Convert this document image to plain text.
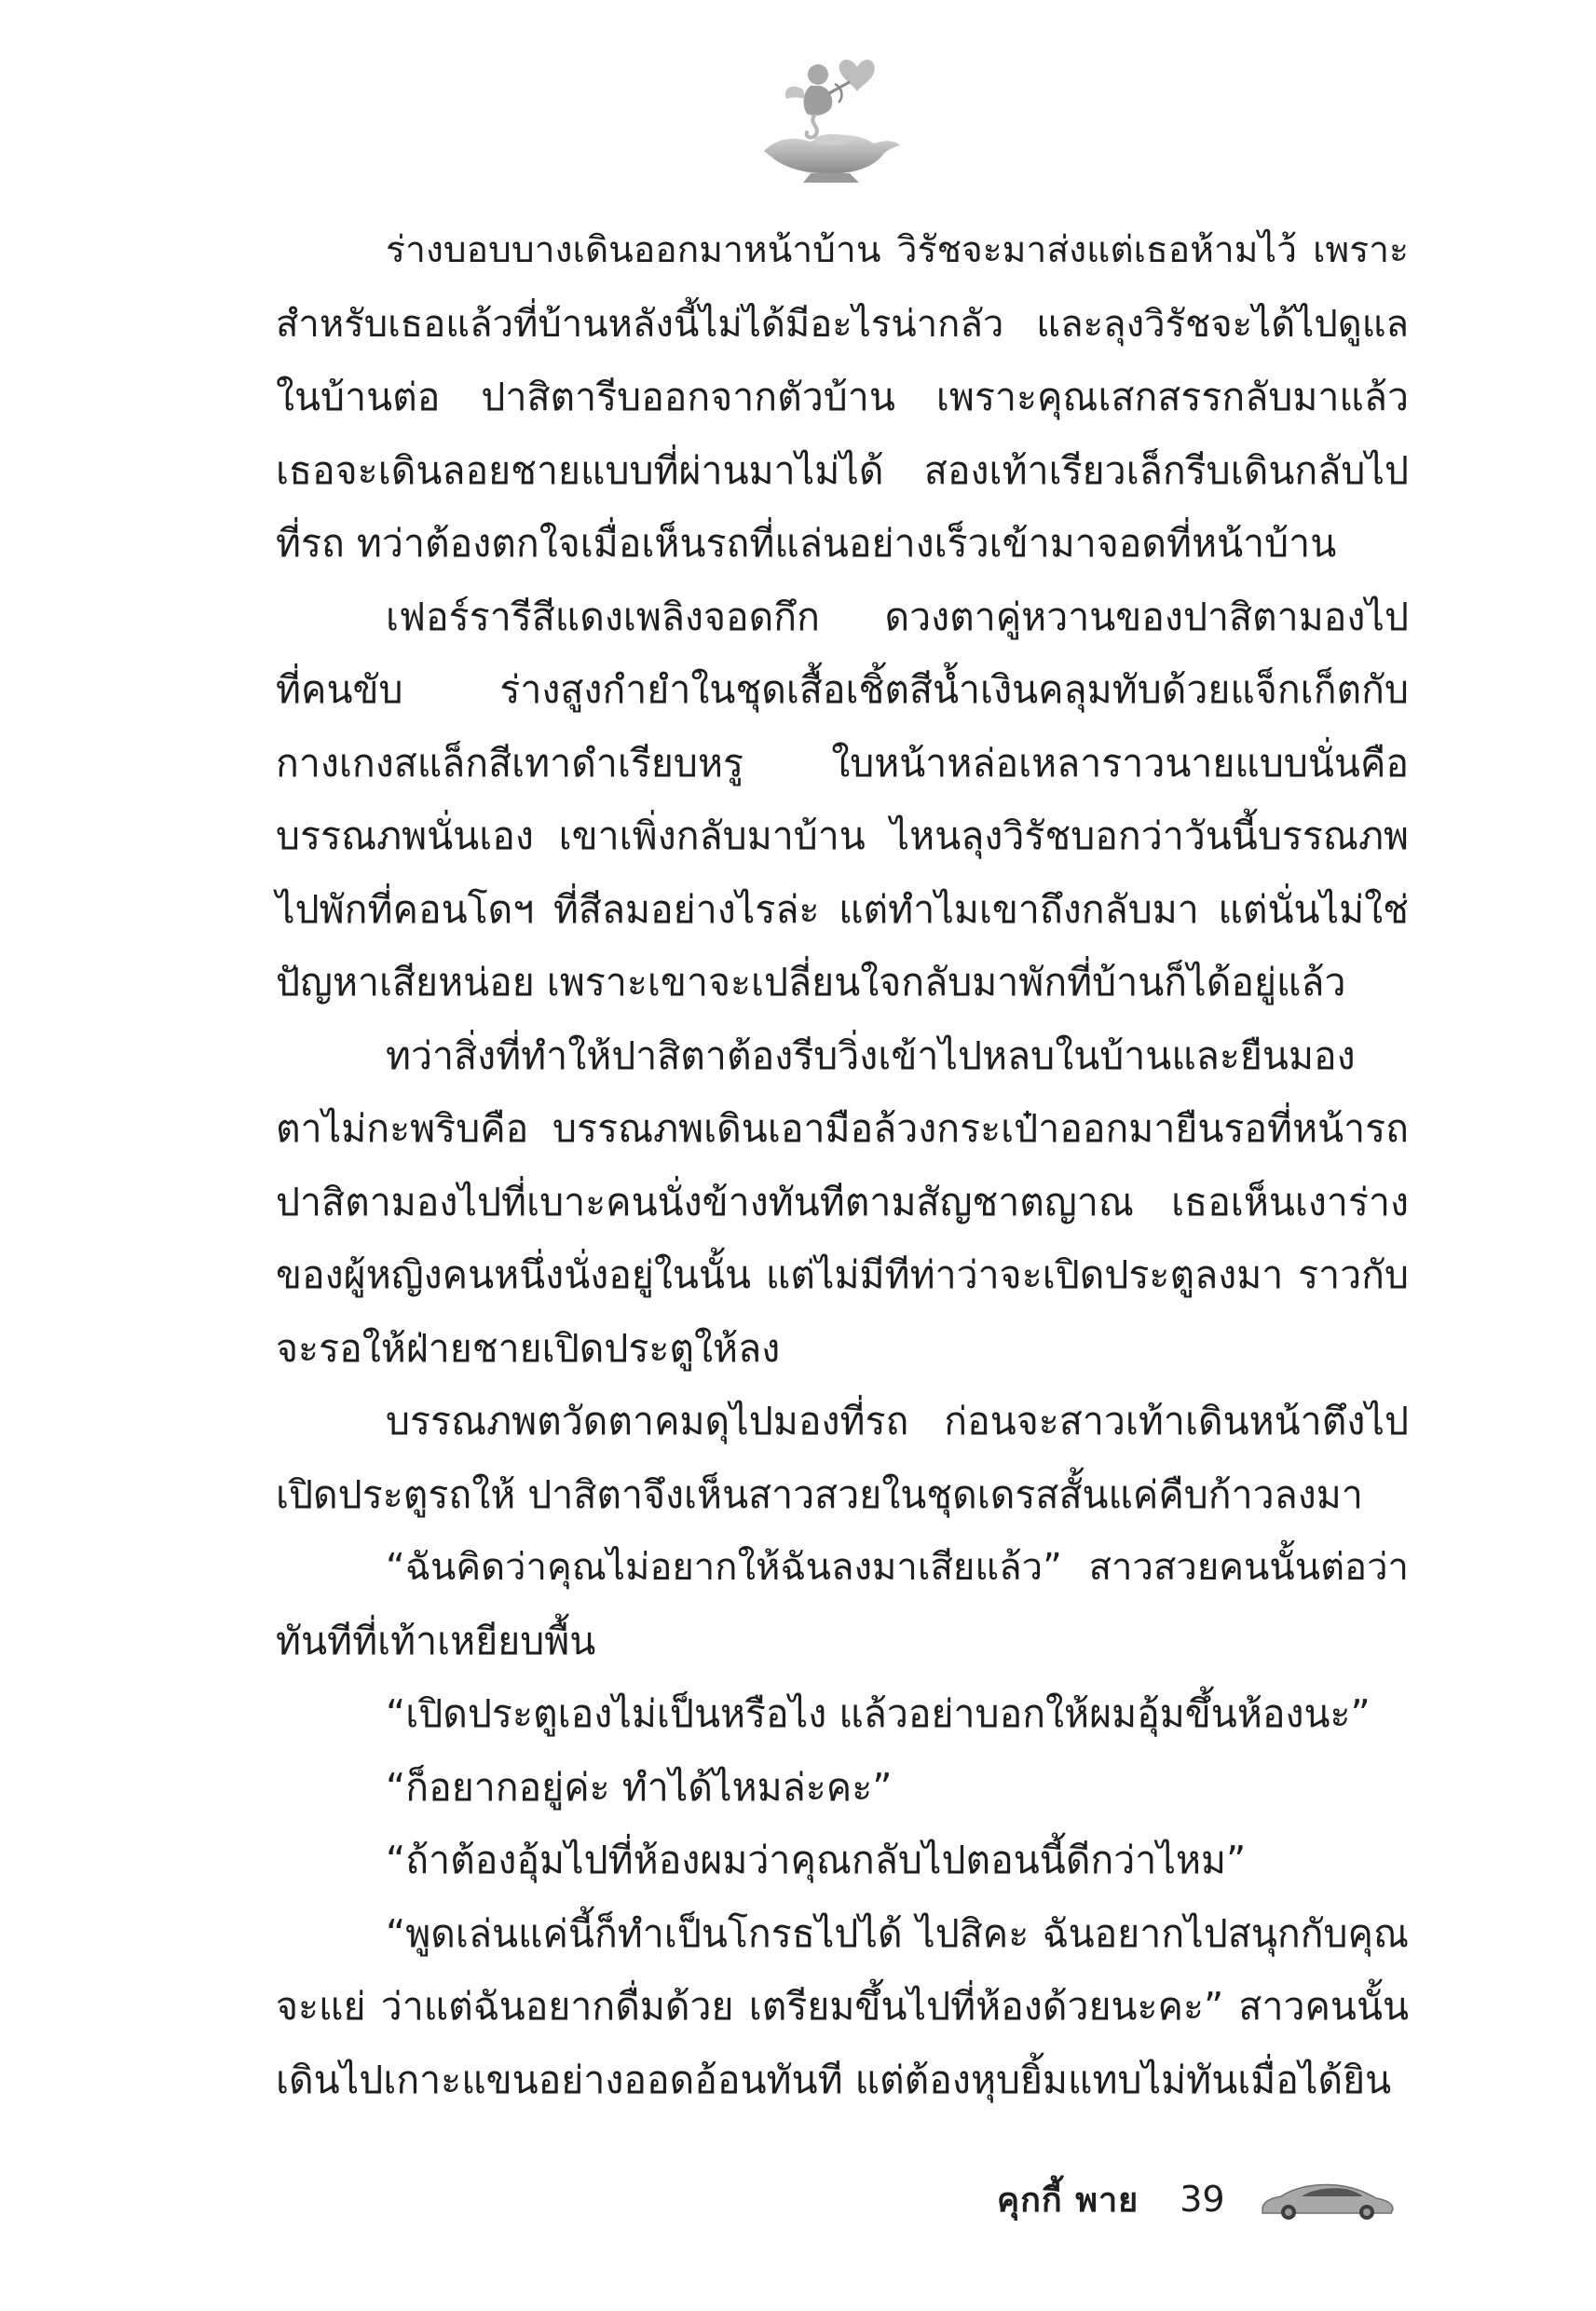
ร่างบอบบางเดินออกมาหน้าบ้าน วิรัชจะมาส่งแต่เธอห้ามไว้ เพราะ
สำหรับเธอแล้วที่บ้านหลังนี้ไม่ได้มีอะไรน่ากลัว และลุงวิรัชจะได้ไปดูแล
ในบ้านต่อ ปาสิตารีบออกจากตัวบ้าน เพราะคุณเสกสรรกลับมาแล้ว
เธอจะเดินลอยชายแบบที่ผ่านมาไม่ได้ สองเท้าเรียวเล็กรีบเดินกลับไป
ที่รถ ทว่าต้องตกใจเมื่อเห็นรถที่แล่นอย่างเร็วเข้ามาจอดที่หน้าบ้าน
เฟอร์รารีสีแดงเพลิงจอดกึก ดวงตาคู่หวานของปาสิตามองไป
ที่คนขับ ร่างสูงกำยำในชุดเสื้อเชิ้ตสีน้ำเงินคลุมทับด้วยแจ็กเก็ตกับ
กางเกงสแล็กสีเทาดำเรียบหรู ใบหน้าหล่อเหลาราวนายแบบนั่นคือ
บรรณภพนั่นเอง เขาเพิ่งกลับมาบ้าน ไหนลุงวิรัชบอกว่าวันนี้บรรณภพ
ไปพักที่คอนโดฯ ที่สีลมอย่างไรล่ะ แต่ทำไมเขาถึงกลับมา แต่นั่นไม่ใช่
ปัญหาเสียหน่อย เพราะเขาจะเปลี่ยนใจกลับมาพักที่บ้านก็ได้อยู่แล้ว
ทว่าสิ่งที่ทำให้ปาสิตาต้องรีบวิ่งเข้าไปหลบในบ้านและยืนมอง
ตาไม่กะพริบคือ บรรณภพเดินเอามือล้วงกระเป๋าออกมายืนรอที่หน้ารถ
ปาสิตามองไปที่เบาะคนนั่งข้างทันทีตามสัญชาตญาณ เธอเห็นเงาร่าง
ของผู้หญิงคนหนึ่งนั่งอยู่ในนั้น แต่ไม่มีทีท่าว่าจะเปิดประตูลงมา ราวกับ
จะรอให้ฝ่ายชายเปิดประตูให้ลง
บรรณภพตวัดตาคมดุไปมองที่รถ ก่อนจะสาวเท้าเดินหน้าตึงไป
เปิดประตูรถให้ ปาสิตาจึงเห็นสาวสวยในชุดเดรสสั้นแค่คืบก้าวลงมา
“ฉันคิดว่าคุณไม่อยากให้ฉันลงมาเสียแล้ว” สาวสวยคนนั้นต่อว่า
ทันทีที่เท้าเหยียบพื้น
“เปิดประตูเองไม่เป็นหรือไง แล้วอย่าบอกให้ผมอุ้มขึ้นห้องนะ”
“ก็อยากอยู่ค่ะ ทำได้ไหมล่ะคะ”
“ถ้าต้องอุ้มไปที่ห้องผมว่าคุณกลับไปตอนนี้ดีกว่าไหม”
“พูดเล่นแค่นี้ก็ทำเป็นโกรธไปได้ ไปสิคะ ฉันอยากไปสนุกกับคุณ
จะแย่ ว่าแต่ฉันอยากดื่มด้วย เตรียมขึ้นไปที่ห้องด้วยนะคะ” สาวคนนั้น
เดินไปเกาะแขนอย่างออดอ้อนทันที แต่ต้องหุบยิ้มแทบไม่ทันเมื่อได้ยิน
คุกกี้ พาย 39
